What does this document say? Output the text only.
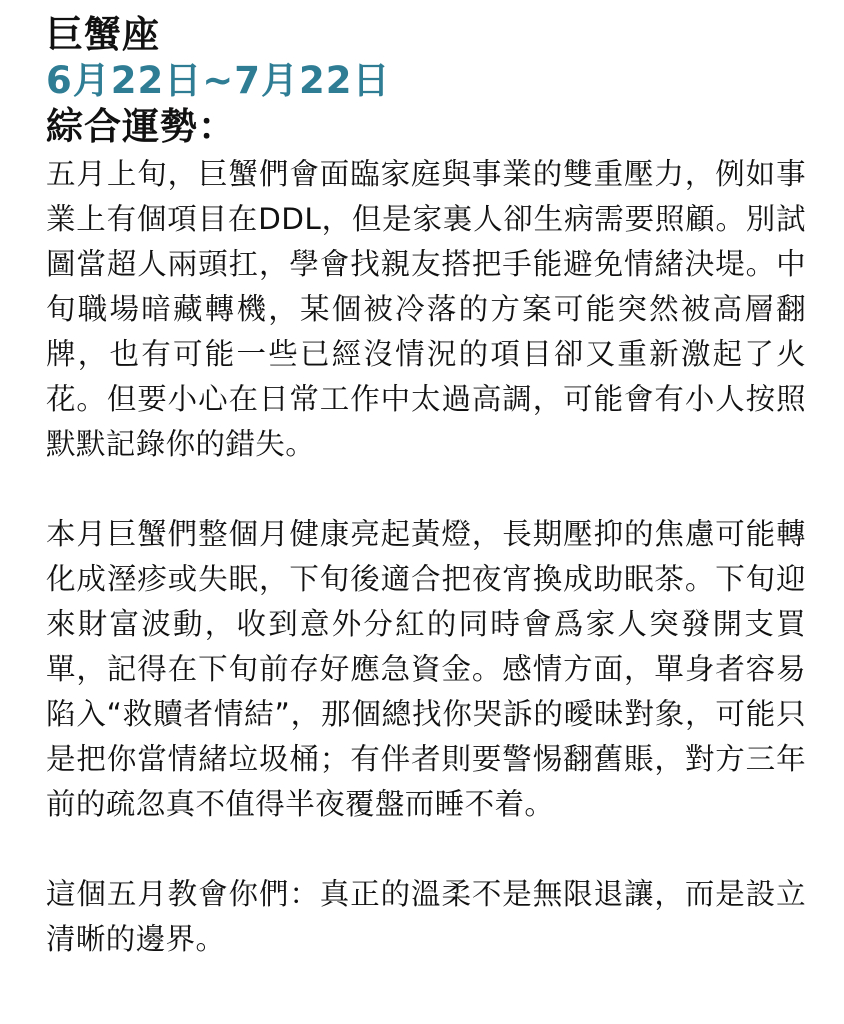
巨蟹座
6月22日~7月22日
綜合運勢：

五月上旬，巨蟹們會面臨家庭與事業的雙重壓力，例如事業上有個項目在DDL，但是家裏人卻生病需要照顧。別試圖當超人兩頭扛，學會找親友搭把手能避免情緒決堤。中旬職場暗藏轉機，某個被冷落的方案可能突然被高層翻牌，也有可能一些已經沒情況的項目卻又重新激起了火花。但要小心在日常工作中太過高調，可能會有小人按照默默記錄你的錯失。

本月巨蟹們整個月健康亮起黃燈，長期壓抑的焦慮可能轉化成溼疹或失眠，下旬後適合把夜宵換成助眠茶。下旬迎來財富波動，收到意外分紅的同時會爲家人突發開支買單，記得在下旬前存好應急資金。感情方面，單身者容易陷入“救贖者情結”，那個總找你哭訴的曖昧對象，可能只是把你當情緒垃圾桶；有伴者則要警惕翻舊賬，對方三年前的疏忽真不值得半夜覆盤而睡不着。

這個五月教會你們：真正的溫柔不是無限退讓，而是設立清晰的邊界。
